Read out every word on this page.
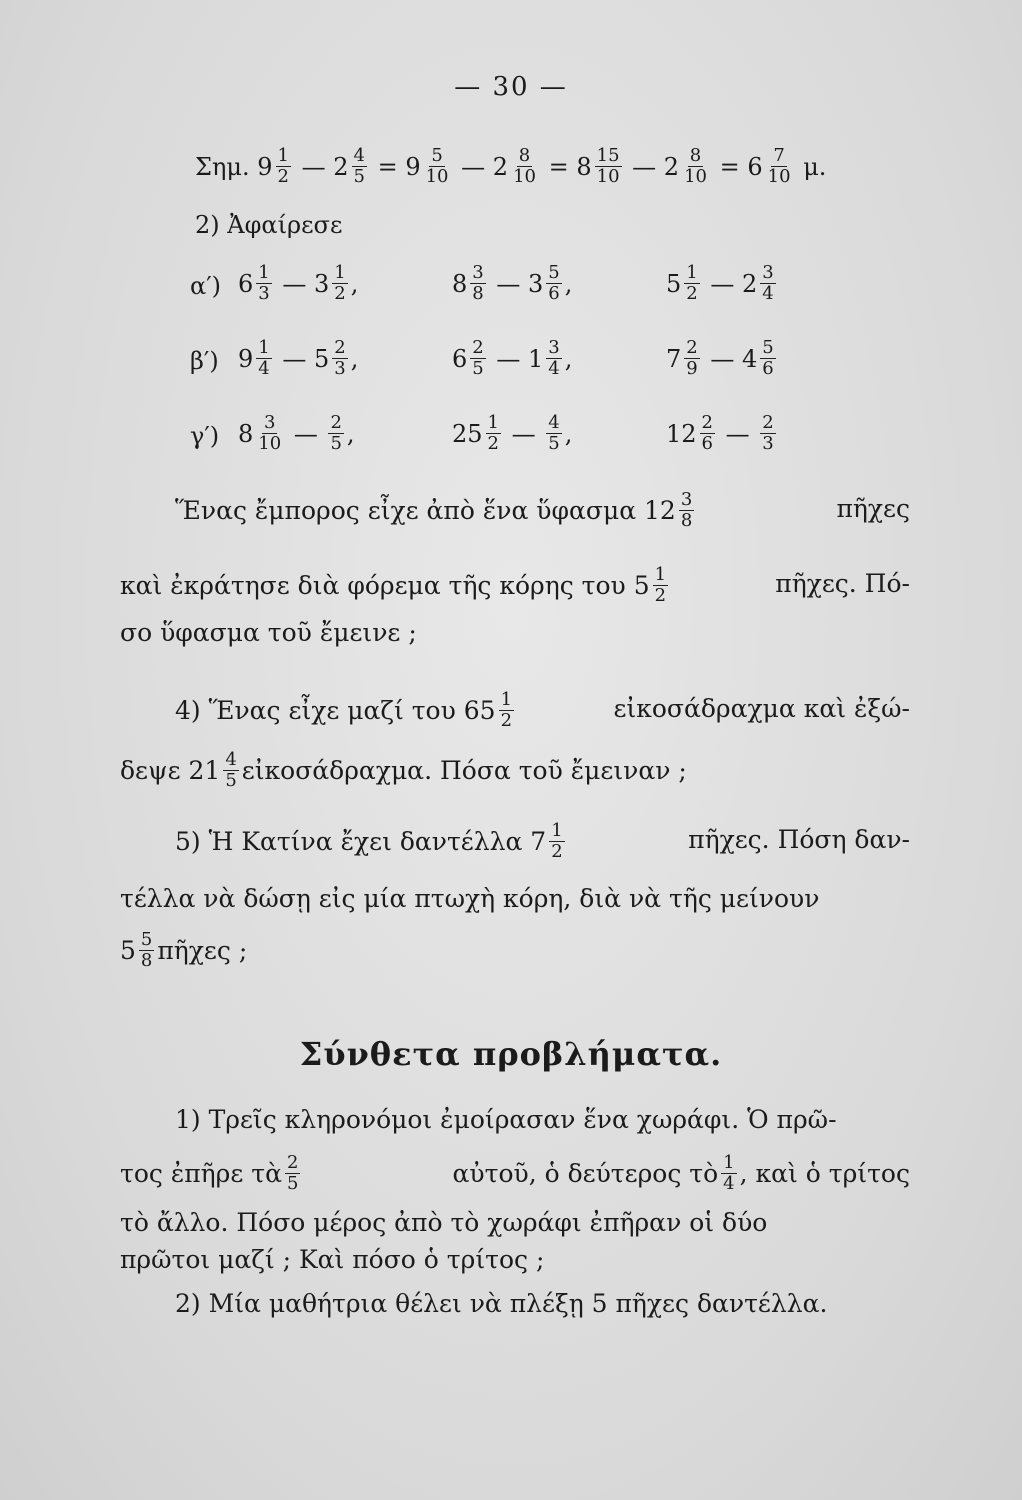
— 30 —
Σημ. $9 \frac{1}{2}$ — $2 \frac{4}{5} = 9 \frac{5}{10}$ — $2 \frac{8}{10} = 8 \frac{15}{10}$ — $2 \frac{8}{10} = 6 \frac{7}{10} \mu$.
2) Ἀφαίρεσε
α′) $6 \frac{1}{3}$ — $3 \frac{1}{2}$ ,	$8 \frac{3}{8}$ — $3 \frac{5}{6}$ ,	$5 \frac{1}{2}$ — $2 \frac{3}{4}$
β′) $9 \frac{1}{4}$ — $5 \frac{2}{3}$ ,	$6 \frac{2}{5}$ — $1 \frac{3}{4}$ ,	$7 \frac{2}{9}$ — $4 \frac{5}{6}$
γ′) $8 \frac{3}{10}$ — $\frac{2}{5}$ ,	$25 \frac{1}{2}$ — $\frac{4}{5}$ ,	$12 \frac{2}{6}$ — $\frac{2}{3}$
Ἕνας ἔμπορος εἶχε ἀπὸ ἕνα ὕφασμα $12 \frac{3}{8}$	πῆχες
καὶ ἐκράτησε διὰ φόρεμα τῆς κόρης του $5 \frac{1}{2}$	πῆχες. Πό-
σο ὕφασμα τοῦ ἔμεινε ;
4) Ἕνας εἶχε μαζί του $65 \frac{1}{2}$	εἰκοσάδραχμα καὶ ἐξώ-
δεψε $21 \frac{4}{5}$ εἰκοσάδραχμα. Πόσα τοῦ ἔμειναν ;
5) Ἡ Κατίνα ἔχει δαντέλλα $7 \frac{1}{2}$	πῆχες. Πόση δαν-
τέλλα νὰ δώσῃ εἰς μία πτωχὴ κόρη, διὰ νὰ τῆς μείνουν
$5 \frac{5}{8}$ πῆχες ;
Σύνθετα προβλήματα.
1) Τρεῖς κληρονόμοι ἐμοίρασαν ἕνα χωράφι. Ὁ πρῶ-
τος ἐπῆρε τὰ $\frac{2}{5}$	αὐτοῦ, ὁ δεύτερος τὸ $\frac{1}{4}$ , καὶ ὁ τρίτος
τὸ ἄλλο. Πόσο μέρος ἀπὸ τὸ χωράφι ἐπῆραν οἱ δύο
πρῶτοι μαζί ; Καὶ πόσο ὁ τρίτος ;
2) Μία μαθήτρια θέλει νὰ πλέξῃ 5 πῆχες δαντέλλα.
